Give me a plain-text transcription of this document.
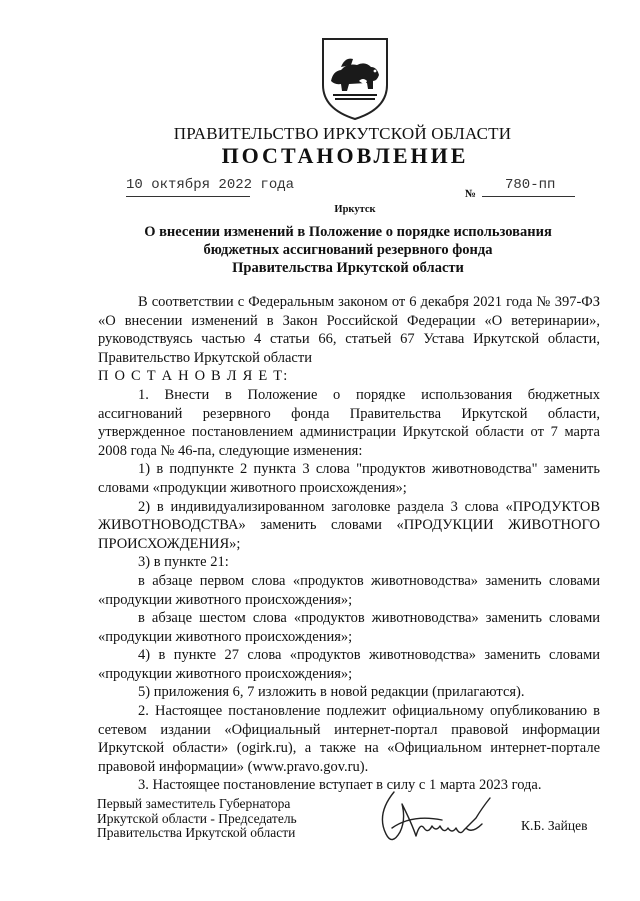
ПРАВИТЕЛЬСТВО ИРКУТСКОЙ ОБЛАСТИ
ПОСТАНОВЛЕНИЕ
10 октября 2022 года
№
780-пп
Иркутск
О внесении изменений в Положение о порядке использования
бюджетных ассигнований резервного фонда
Правительства Иркутской области

В соответствии с Федеральным законом от 6 декабря 2021 года № 397-ФЗ «О внесении изменений в Закон Российской Федерации «О ветеринарии», руководствуясь частью 4 статьи 66, статьей 67 Устава Иркутской области, Правительство Иркутской области

П О С Т А Н О В Л Я Е Т:

1. Внести в Положение о порядке использования бюджетных ассигнований резервного фонда Правительства Иркутской области, утвержденное постановлением администрации Иркутской области от 7 марта 2008 года № 46-па, следующие изменения:

1) в подпункте 2 пункта 3 слова "продуктов животноводства" заменить словами «продукции животного происхождения»;

2) в индивидуализированном заголовке раздела 3 слова «ПРОДУКТОВ ЖИВОТНОВОДСТВА» заменить словами «ПРОДУКЦИИ ЖИВОТНОГО ПРОИСХОЖДЕНИЯ»;

3) в пункте 21:

в абзаце первом слова «продуктов животноводства» заменить словами «продукции животного происхождения»;

в абзаце шестом слова «продуктов животноводства» заменить словами «продукции животного происхождения»;

4) в пункте 27 слова «продуктов животноводства» заменить словами «продукции животного происхождения»;

5) приложения 6, 7 изложить в новой редакции (прилагаются).

2. Настоящее постановление подлежит официальному опубликованию в сетевом издании «Официальный интернет-портал правовой информации Иркутской области» (ogirk.ru), а также на «Официальном интернет-портале правовой информации» (www.pravo.gov.ru).

3. Настоящее постановление вступает в силу с 1 марта 2023 года.

Первый заместитель Губернатора
Иркутской области - Председатель
Правительства Иркутской области	К.Б. Зайцев
